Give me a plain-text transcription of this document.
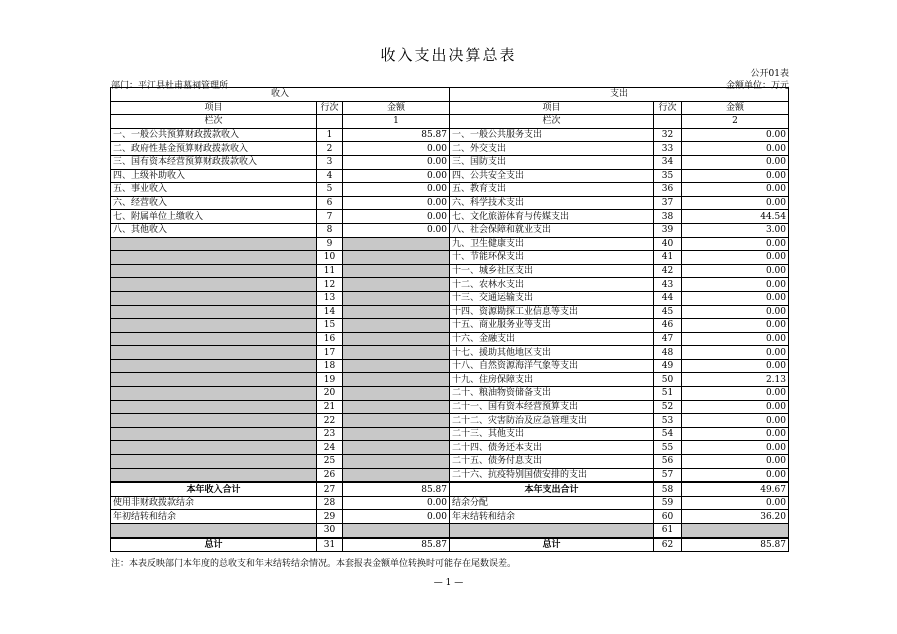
收入支出决算总表
公开01表
部门：平江县杜甫墓祠管理所	金额单位：万元
收入			支出		
项目	行次	金额	项目	行次	金额
栏次		1	栏次		2
一、一般公共预算财政拨款收入	1	85.87	一、一般公共服务支出	32	0.00
二、政府性基金预算财政拨款收入	2	0.00	二、外交支出	33	0.00
三、国有资本经营预算财政拨款收入	3	0.00	三、国防支出	34	0.00
四、上级补助收入	4	0.00	四、公共安全支出	35	0.00
五、事业收入	5	0.00	五、教育支出	36	0.00
六、经营收入	6	0.00	六、科学技术支出	37	0.00
七、附属单位上缴收入	7	0.00	七、文化旅游体育与传媒支出	38	44.54
八、其他收入	8	0.00	八、社会保障和就业支出	39	3.00
	9		九、卫生健康支出	40	0.00
	10		十、节能环保支出	41	0.00
	11		十一、城乡社区支出	42	0.00
	12		十二、农林水支出	43	0.00
	13		十三、交通运输支出	44	0.00
	14		十四、资源勘探工业信息等支出	45	0.00
	15		十五、商业服务业等支出	46	0.00
	16		十六、金融支出	47	0.00
	17		十七、援助其他地区支出	48	0.00
	18		十八、自然资源海洋气象等支出	49	0.00
	19		十九、住房保障支出	50	2.13
	20		二十、粮油物资储备支出	51	0.00
	21		二十一、国有资本经营预算支出	52	0.00
	22		二十二、灾害防治及应急管理支出	53	0.00
	23		二十三、其他支出	54	0.00
	24		二十四、债务还本支出	55	0.00
	25		二十五、债务付息支出	56	0.00
	26		二十六、抗疫特别国债安排的支出	57	0.00
本年收入合计	27	85.87	本年支出合计	58	49.67
使用非财政拨款结余	28	0.00	结余分配	59	0.00
年初结转和结余	29	0.00	年末结转和结余	60	36.20
	30			61	
总计	31	85.87	总计	62	85.87
注：本表反映部门本年度的总收支和年末结转结余情况。本套报表金额单位转换时可能存在尾数误差。
— 1 —
